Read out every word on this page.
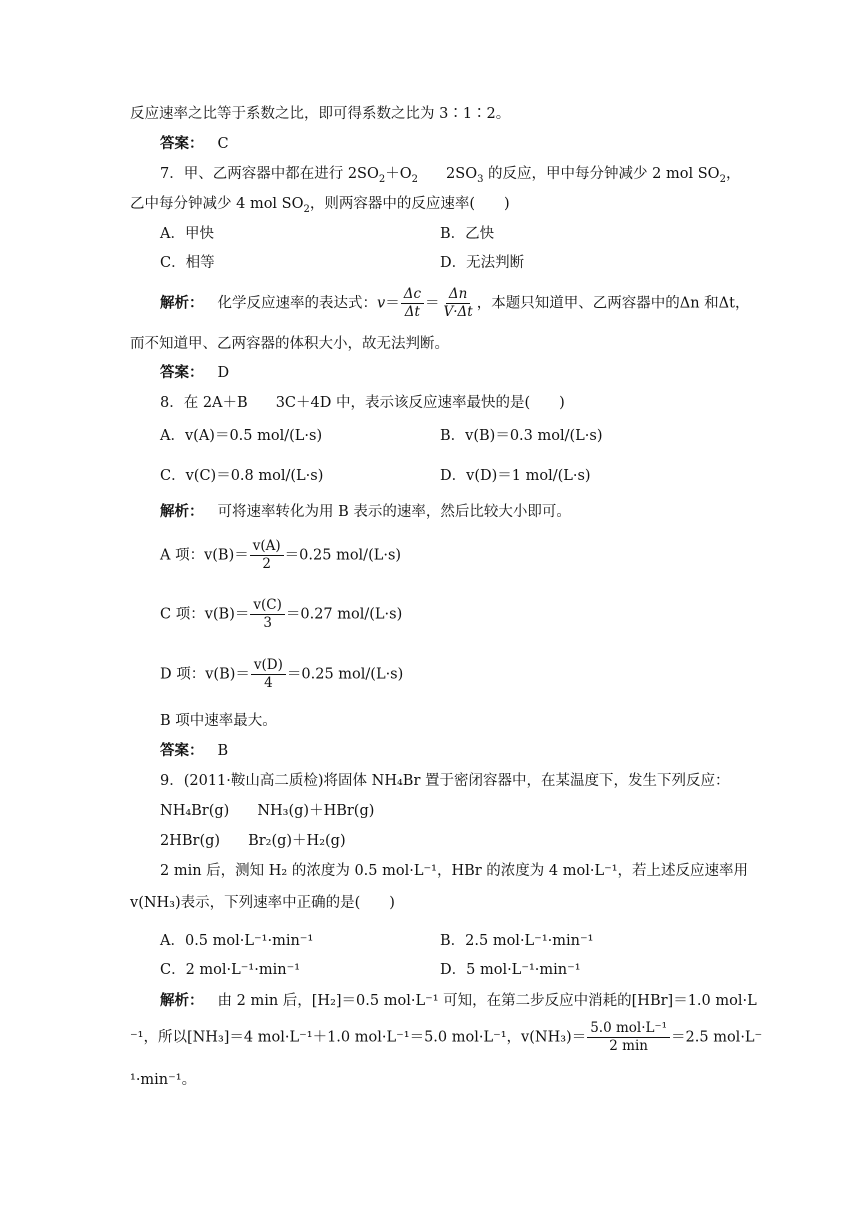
反应速率之比等于系数之比，即可得系数之比为 3∶1∶2。
答案： C
7．甲、乙两容器中都在进行 $2SO_2+O_2$ $2SO_3$ 的反应，甲中每分钟减少 2 mol $SO_2$，
乙中每分钟减少 4 mol $SO_2$，则两容器中的反应速率(　　)
A．甲快	B．乙快
C．相等	D．无法判断
解析： 化学反应速率的表达式：$v= \frac{\Delta c}{\Delta t} = \frac{\Delta n}{V\cdot\Delta t}$ ，本题只知道甲、乙两容器中的Δn 和Δt，
而不知道甲、乙两容器的体积大小，故无法判断。
答案： D
8．在 2A＋B 3C＋4D 中，表示该反应速率最快的是(　　)
A．v(A)＝0.5 mol/(L·s)	B．v(B)＝0.3 mol/(L·s)
C．v(C)＝0.8 mol/(L·s)	D．v(D)＝1 mol/(L·s)
解析： 可将速率转化为用 B 表示的速率，然后比较大小即可。
A 项：$v(B)= \frac{v(A)}{2} =0.25$ mol/(L·s)
C 项：$v(B)= \frac{v(C)}{3} =0.27$ mol/(L·s)
D 项：$v(B)= \frac{v(D)}{4} =0.25$ mol/(L·s)
B 项中速率最大。
答案： B
9．(2011·鞍山高二质检)将固体 NH₄Br 置于密闭容器中，在某温度下，发生下列反应：
NH₄Br(g) NH₃(g)＋HBr(g)
2HBr(g) Br₂(g)＋H₂(g)
2 min 后，测知 H₂ 的浓度为 0.5 mol·L⁻¹，HBr 的浓度为 4 mol·L⁻¹，若上述反应速率用
v(NH₃)表示，下列速率中正确的是(　　)
A．0.5 mol·L⁻¹·min⁻¹	B．2.5 mol·L⁻¹·min⁻¹
C．2 mol·L⁻¹·min⁻¹	D．5 mol·L⁻¹·min⁻¹
解析： 由 2 min 后，[H₂]＝0.5 mol·L⁻¹ 可知，在第二步反应中消耗的[HBr]＝1.0 mol·L
⁻¹，所以[NH₃]＝4 mol·L⁻¹＋1.0 mol·L⁻¹＝5.0 mol·L⁻¹，$v(NH_3)= \frac{\text{5.0 mol·L⁻¹}}{2 \min} =2.5$ mol·L⁻
¹·min⁻¹。
